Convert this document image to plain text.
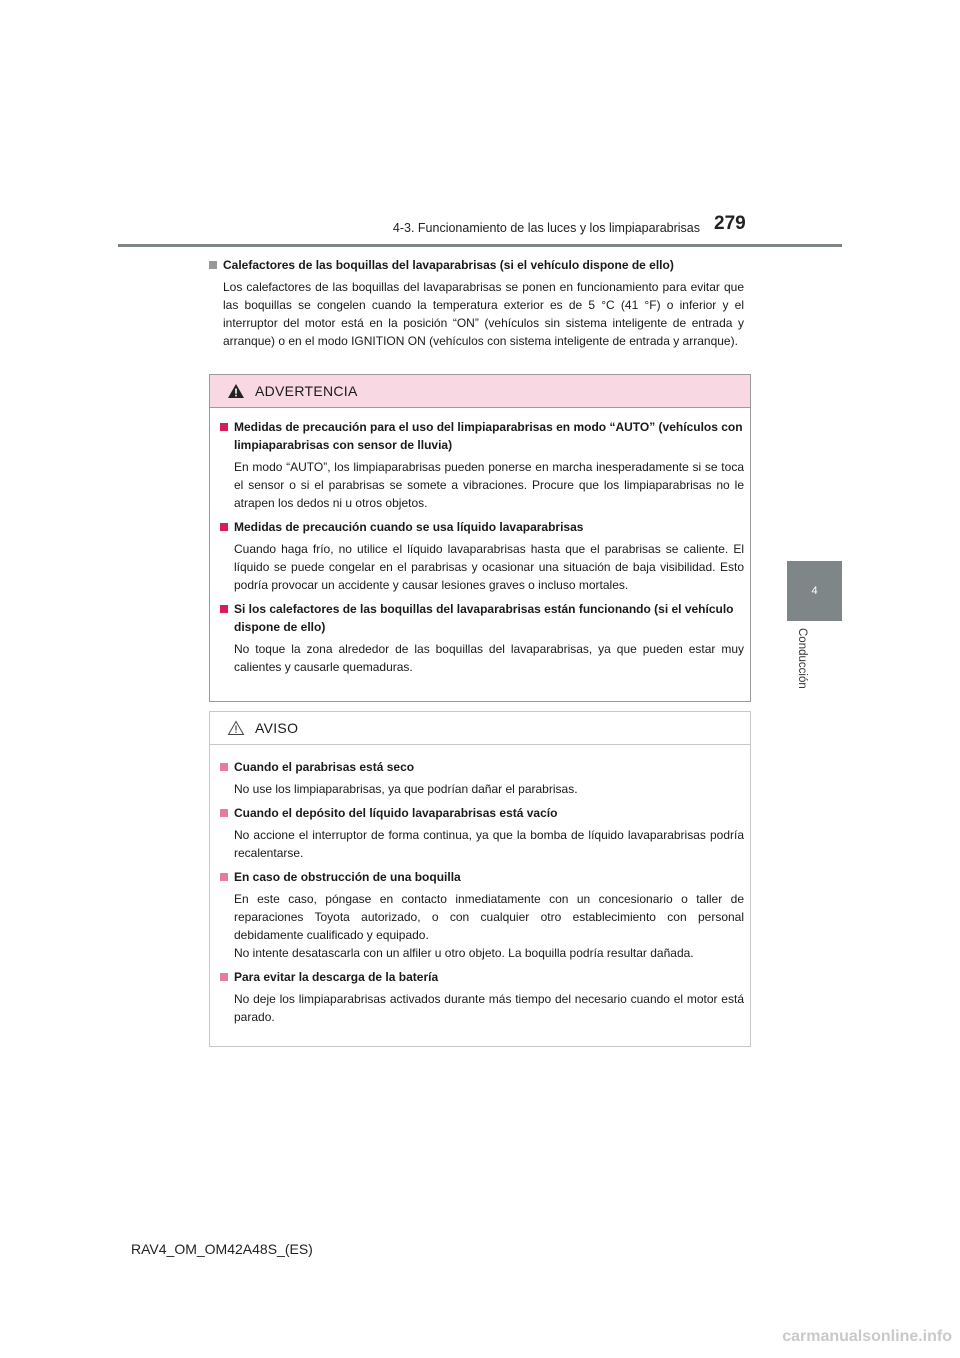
4-3. Funcionamiento de las luces y los limpiaparabrisas 279
4
Conducción
Calefactores de las boquillas del lavaparabrisas (si el vehículo dispone de ello)
Los calefactores de las boquillas del lavaparabrisas se ponen en funcionamiento para evitar que las boquillas se congelen cuando la temperatura exterior es de 5 °C (41 °F) o inferior y el interruptor del motor está en la posición “ON” (vehículos sin sistema inteligente de entrada y arranque) o en el modo IGNITION ON (vehículos con sistema inteligente de entrada y arranque).
ADVERTENCIA
Medidas de precaución para el uso del limpiaparabrisas en modo “AUTO” (vehículos con limpiaparabrisas con sensor de lluvia)
En modo “AUTO”, los limpiaparabrisas pueden ponerse en marcha inesperadamente si se toca el sensor o si el parabrisas se somete a vibraciones. Procure que los limpiaparabrisas no le atrapen los dedos ni u otros objetos.
Medidas de precaución cuando se usa líquido lavaparabrisas
Cuando haga frío, no utilice el líquido lavaparabrisas hasta que el parabrisas se caliente. El líquido se puede congelar en el parabrisas y ocasionar una situación de baja visibilidad. Esto podría provocar un accidente y causar lesiones graves o incluso mortales.
Si los calefactores de las boquillas del lavaparabrisas están funcionando (si el vehículo dispone de ello)
No toque la zona alrededor de las boquillas del lavaparabrisas, ya que pueden estar muy calientes y causarle quemaduras.
AVISO
Cuando el parabrisas está seco
No use los limpiaparabrisas, ya que podrían dañar el parabrisas.
Cuando el depósito del líquido lavaparabrisas está vacío
No accione el interruptor de forma continua, ya que la bomba de líquido lavaparabrisas podría recalentarse.
En caso de obstrucción de una boquilla
En este caso, póngase en contacto inmediatamente con un concesionario o taller de reparaciones Toyota autorizado, o con cualquier otro establecimiento con personal debidamente cualificado y equipado.
No intente desatascarla con un alfiler u otro objeto. La boquilla podría resultar dañada.
Para evitar la descarga de la batería
No deje los limpiaparabrisas activados durante más tiempo del necesario cuando el motor está parado.
RAV4_OM_OM42A48S_(ES)
carmanualsonline.info
